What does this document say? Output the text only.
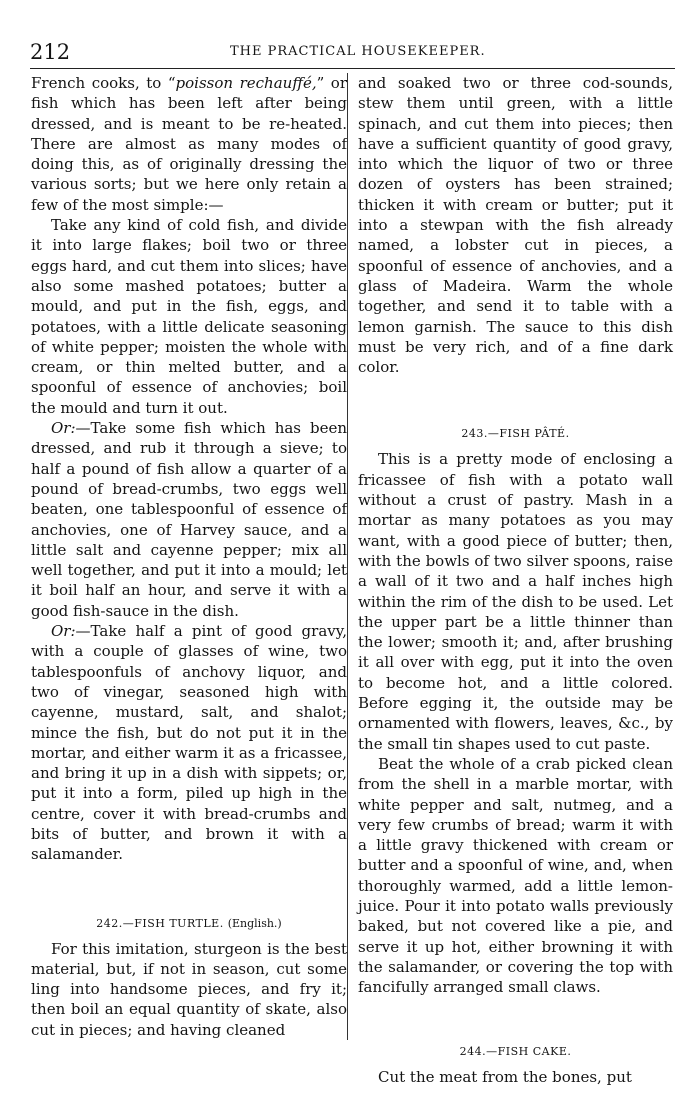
212	THE PRACTICAL HOUSEKEEPER.

French cooks, to “poisson rechauffé,” or fish which has been left after being dressed, and is meant to be re-heated. There are almost as many modes of doing this, as of originally dressing the various sorts; but we here only retain a few of the most simple:—

Take any kind of cold fish, and divide it into large flakes; boil two or three eggs hard, and cut them into slices; have also some mashed potatoes; butter a mould, and put in the fish, eggs, and potatoes, with a little delicate seasoning of white pepper; moisten the whole with cream, or thin melted butter, and a spoonful of essence of anchovies; boil the mould and turn it out.

Or:—Take some fish which has been dressed, and rub it through a sieve; to half a pound of fish allow a quarter of a pound of bread-crumbs, two eggs well beaten, one tablespoonful of essence of anchovies, one of Harvey sauce, and a little salt and cayenne pepper; mix all well together, and put it into a mould; let it boil half an hour, and serve it with a good fish-sauce in the dish.

Or:—Take half a pint of good gravy, with a couple of glasses of wine, two tablespoonfuls of anchovy liquor, and two of vinegar, seasoned high with cayenne, mustard, salt, and shalot; mince the fish, but do not put it in the mortar, and either warm it as a fricassee, and bring it up in a dish with sippets; or, put it into a form, piled up high in the centre, cover it with bread-crumbs and bits of butter, and brown it with a salamander.

242.—FISH TURTLE. (English.)

For this imitation, sturgeon is the best material, but, if not in season, cut some ling into handsome pieces, and fry it; then boil an equal quantity of skate, also cut in pieces; and having cleaned

and soaked two or three cod-sounds, stew them until green, with a little spinach, and cut them into pieces; then have a sufficient quantity of good gravy, into which the liquor of two or three dozen of oysters has been strained; thicken it with cream or butter; put it into a stewpan with the fish already named, a lobster cut in pieces, a spoonful of essence of anchovies, and a glass of Madeira. Warm the whole together, and send it to table with a lemon garnish. The sauce to this dish must be very rich, and of a fine dark color.

243.—FISH PÂTÉ.

This is a pretty mode of enclosing a fricassee of fish with a potato wall without a crust of pastry. Mash in a mortar as many potatoes as you may want, with a good piece of butter; then, with the bowls of two silver spoons, raise a wall of it two and a half inches high within the rim of the dish to be used. Let the upper part be a little thinner than the lower; smooth it; and, after brushing it all over with egg, put it into the oven to become hot, and a little colored. Before egging it, the outside may be ornamented with flowers, leaves, &c., by the small tin shapes used to cut paste.

Beat the whole of a crab picked clean from the shell in a marble mortar, with white pepper and salt, nutmeg, and a very few crumbs of bread; warm it with a little gravy thickened with cream or butter and a spoonful of wine, and, when thoroughly warmed, add a little lemon-juice. Pour it into potato walls previously baked, but not covered like a pie, and serve it up hot, either browning it with the salamander, or covering the top with fancifully arranged small claws.

244.—FISH CAKE.

Cut the meat from the bones, put
